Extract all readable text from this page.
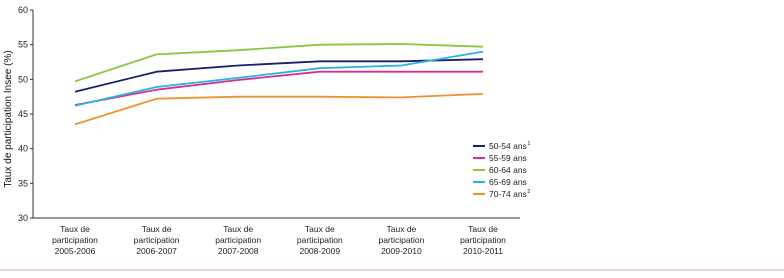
30
35
40
45
50
55
60
Taux de participation 2005-2006
Taux de participation 2006-2007
Taux de participation 2007-2008
Taux de participation 2008-2009
Taux de participation 2009-2010
Taux de participation 2010-2011
50-54 ans 1
55-59 ans
60-64 ans
65-69 ans
70-74 ans 2
Taux de participation Insee (%)
